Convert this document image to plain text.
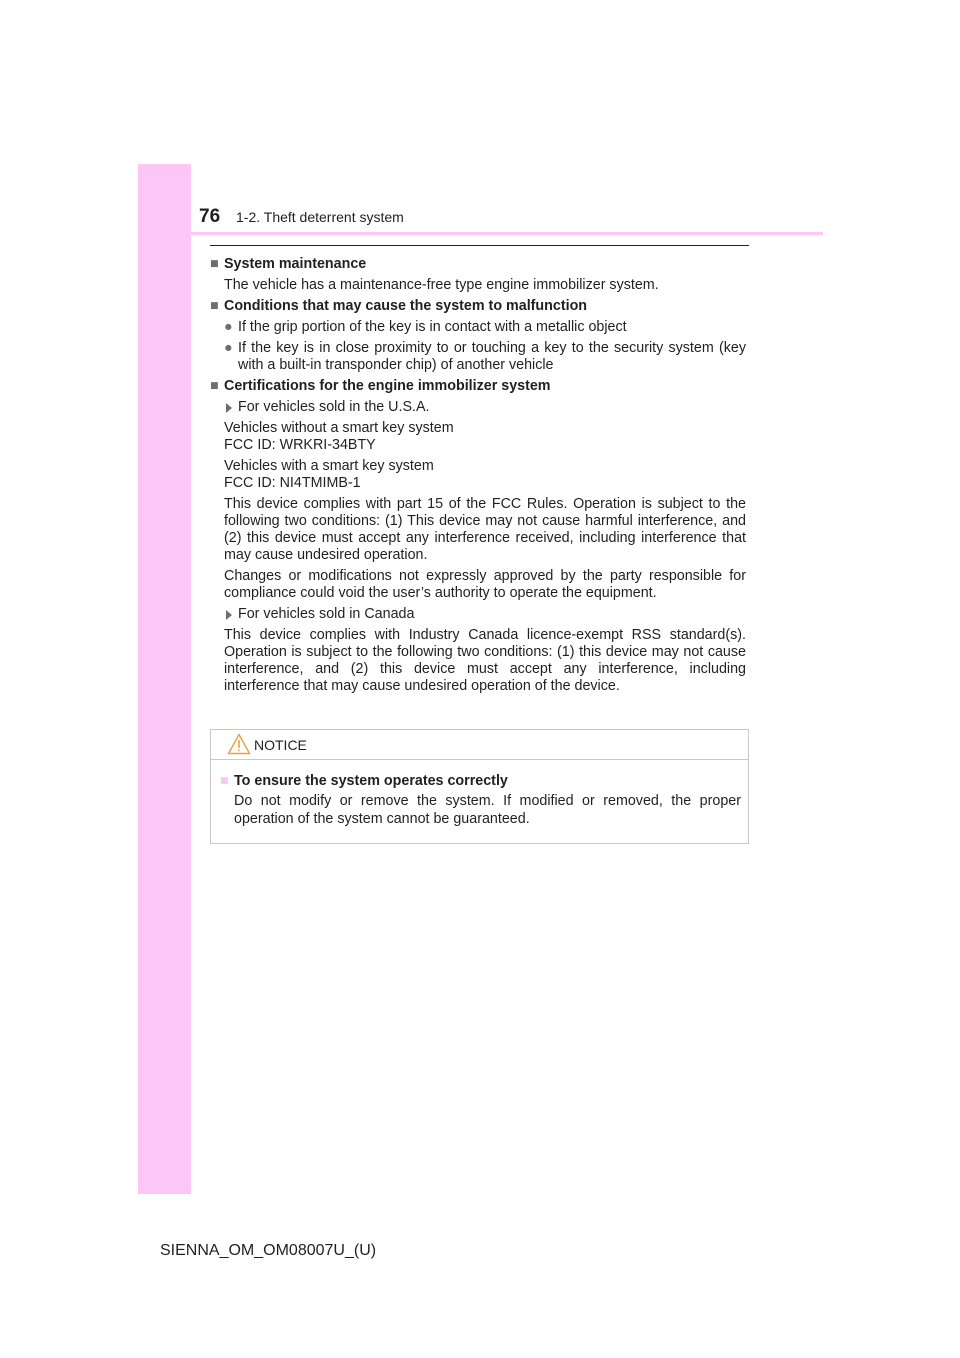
76 1-2. Theft deterrent system
■ System maintenance

The vehicle has a maintenance-free type engine immobilizer system.

■ Conditions that may cause the system to malfunction
● If the grip portion of the key is in contact with a metallic object
● If the key is in close proximity to or touching a key to the security system (key with a built-in transponder chip) of another vehicle
■ Certifications for the engine immobilizer system
For vehicles sold in the U.S.A.

Vehicles without a smart key system
FCC ID: WRKRI-34BTY

Vehicles with a smart key system
FCC ID: NI4TMIMB-1

This device complies with part 15 of the FCC Rules. Operation is subject to the following two conditions: (1) This device may not cause harmful interference, and (2) this device must accept any interference received, including interference that may cause undesired operation.

Changes or modifications not expressly approved by the party responsible for compliance could void the user’s authority to operate the equipment.

For vehicles sold in Canada

This device complies with Industry Canada licence-exempt RSS standard(s). Operation is subject to the following two conditions: (1) this device may not cause interference, and (2) this device must accept any interference, including interference that may cause undesired operation of the device.

NOTICE
■ To ensure the system operates correctly

Do not modify or remove the system. If modified or removed, the proper operation of the system cannot be guaranteed.

SIENNA_OM_OM08007U_(U)
